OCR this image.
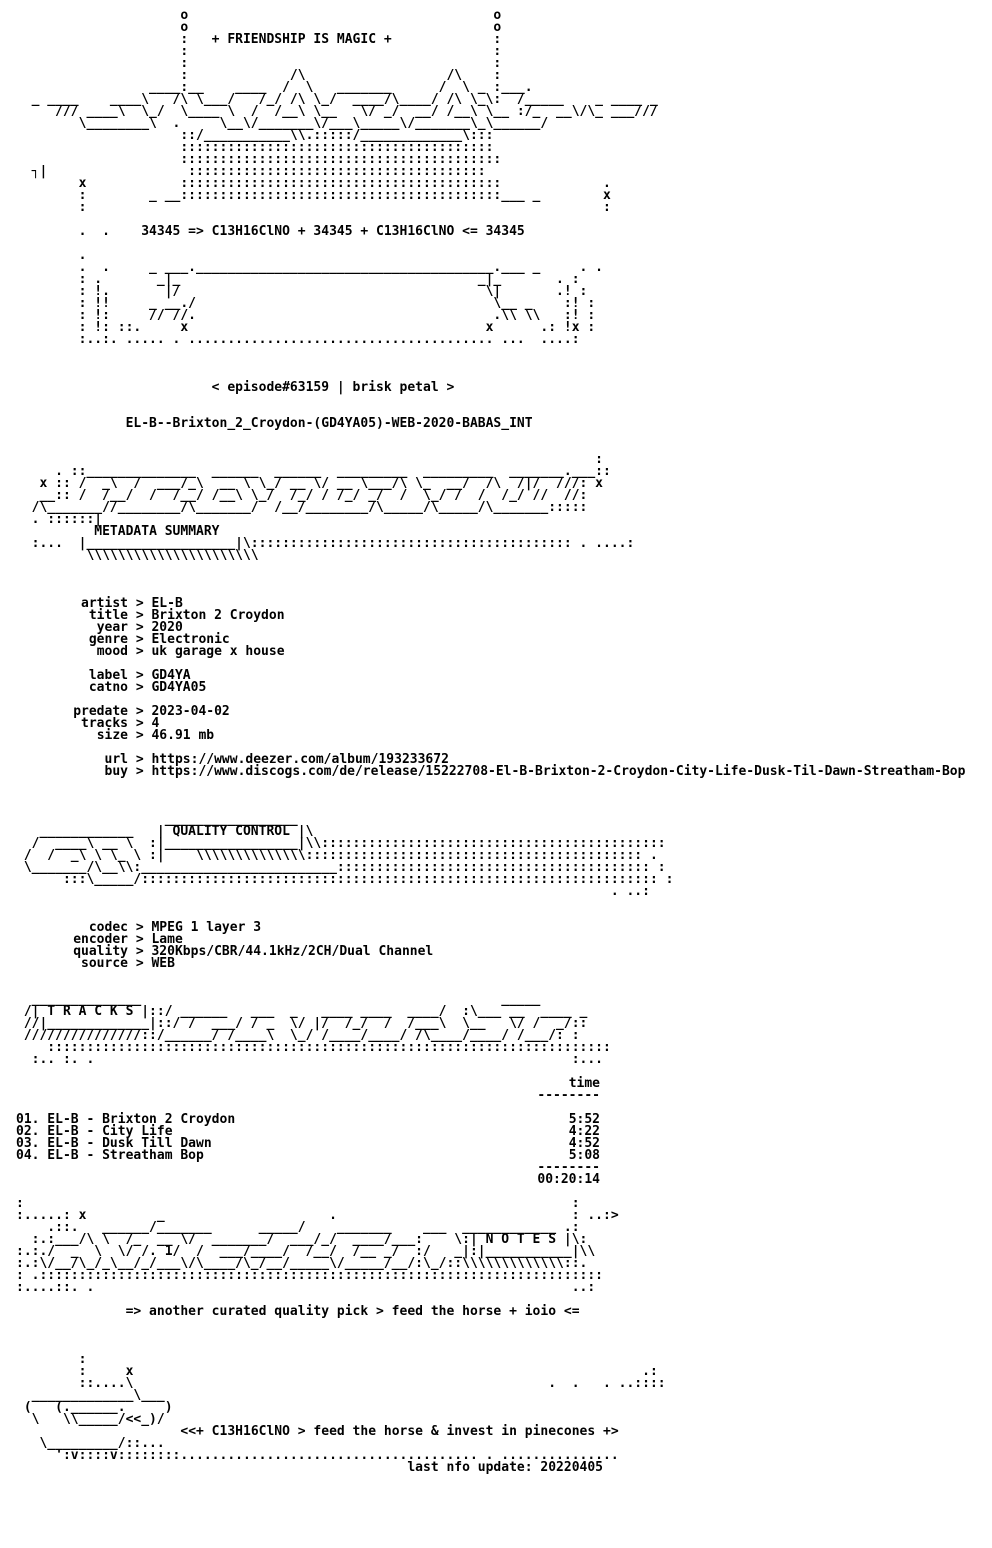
o                                       o
o                                       o
:   + FRIENDSHIP IS MAGIC +             :
:                                       :
:                                       :
:             /\                  /\    :
____:__    ____  /  \   _______      /  \ _ :___.
_ ____    ____\   /\ \___/   /_/ /\ \_/  ____/\____/ /\ \_\:  /_____    _ ____ _
/// ____\  \_/  \____ \  /  /__\ \__   \/ _/  __/ /__\ \__ :/_  __\/\_ ___///
\________\  .     \__\/_______\/___\_____\/_______\_\______/
::/___________\\.:::::/_____________\:::
::::::::::::::::::::::::::::::::::::::::
:::::::::::::::::::::::::::::::::::::::::
┐|                  ::::::::::::::::::::::::::::::::::::::
x            :::::::::::::::::::::::::::::::::::::::::             .
:        _ __:::::::::::::::::::::::::::::::::::::::::___ _        x
:                                                                  :
.  .    34345 => C13H16ClNO + 34345 + C13H16ClNO <= 34345
.
.  .     _ ___.______________________________________.___ _     . .
: .       _|_                                      _|_       . :
: !.       |/                                       \|       .! :
: !!     _ __./                                      \__ _    :! :
: !:     // //.                                      .\\ \\   :! :
: !: ::.     x                                      x      .: !x :
:..:. ..... . ....................................... ...  ....:
< episode#63159 | brisk petal >
EL-B--Brixton_2_Croydon-(GD4YA05)-WEB-2020-BABAS_INT
:
. ::______________  ______  ______  _________  _________  _______.___::
x :: /  _\  /  ___/_\  __ \ \_/ __ \/ __ \___/\ \_  __/  /\  /|/  ///: x
__:: /  /__/  /  /__/ /__\ \_/  /_/ / /_/ _/  /  \_/ /  /  /_/ //  //:
/\_______//________/\_______/  /__/________/\_____/\_____/\_______:::::
. ::::::|
METADATA SUMMARY
:...  |___________________|\::::::::::::::::::::::::::::::::::::::::: . ....:
\\\\\\\\\\\\\\\\\\\\\\
artist > EL-B
title > Brixton 2 Croydon
year > 2020
genre > Electronic
mood > uk garage x house
label > GD4YA
catno > GD4YA05
predate > 2023-04-02
tracks > 4
size > 46.91 mb
url > https://www.deezer.com/album/193233672
buy > https://www.discogs.com/de/release/15222708-El-B-Brixton-2-Croydon-City-Life-Dusk-Til-Dawn-Streatham-Bop
_________________
____________   | QUALITY CONTROL |\
/  ____\ __ \  :|_________________|\\::::::::::::::::::::::::::::::::::::::::::::
/  /  _\ \ \_ \ :|    \\\\\\\\\\\\\\::::::::::::::::::::::::::::::::::::::::::: .
\_______/\__\\:_________________________:::::::::::::::::::::::::::::::::::::::: :
:::\_____/:::::::::::::::::::::::::::::::::::::::::::::::::::::::::::::::::: :
. ..:
codec > MPEG 1 layer 3
encoder > Lame
quality > 320Kbps/CBR/44.1kHz/2CH/Dual Channel
source > WEB
______________                                              _____
/| T R A C K S |::/ ______   ___  _   ____ ____  ____/  :\___ __  ____ _
//|_____________|::/ /  ___/ / _  \/ |/  /_/  /  /___\  \__   \/ /  _/::
///////////////::/______/ /____\  \_/ /____/____/ /\____/____/ /___/: :
::::::::::::::::::::::::::::::::::::::::::::::::::::::::::::::::::::::::
:.. :. .                                                             :...
time
--------
01. EL-B - Brixton 2 Croydon	5:52
02. EL-B - City Life	4:22
03. EL-B - Dusk Till Dawn	4:52
04. EL-B - Streatham Bop	5:08
--------
00:20:14
:                                                                      :
:.....: x         _                     .                              : ..:>
.::.   ______/_______      _____/    _______    ___  ____________ .:
:.:___/\ \  /_  __ \/  _______/  ___/_/  ____/___:    \:| N O T E S |\:
:.:./  _  \  \/ /. 1/  /  ___/____/  /__/  /__ _/  :/   _|:|___________|\\
:.:\/__/\_/_\__/_/___\/\____/\_/__/_____\/_____/__/:\_/::\\\\\\\\\\\\\::.
: .::::::::::::::::::::::::::::::::::::::::::::::::::::::::::::::::::::::::
:....::. .                                                             ..:
=> another curated quality pick > feed the horse + ioio <=
:
:     x                                                                 .:
::....\                                                     .  .   . ..::::
_____________\___
(   (.______.     )
\   \\_____/<<_)/
<<+ C13H16ClNO > feed the horse & invest in pinecones +>
\_________/::...
':v::::v::::::::...................................... . ...............
last nfo update: 20220405
